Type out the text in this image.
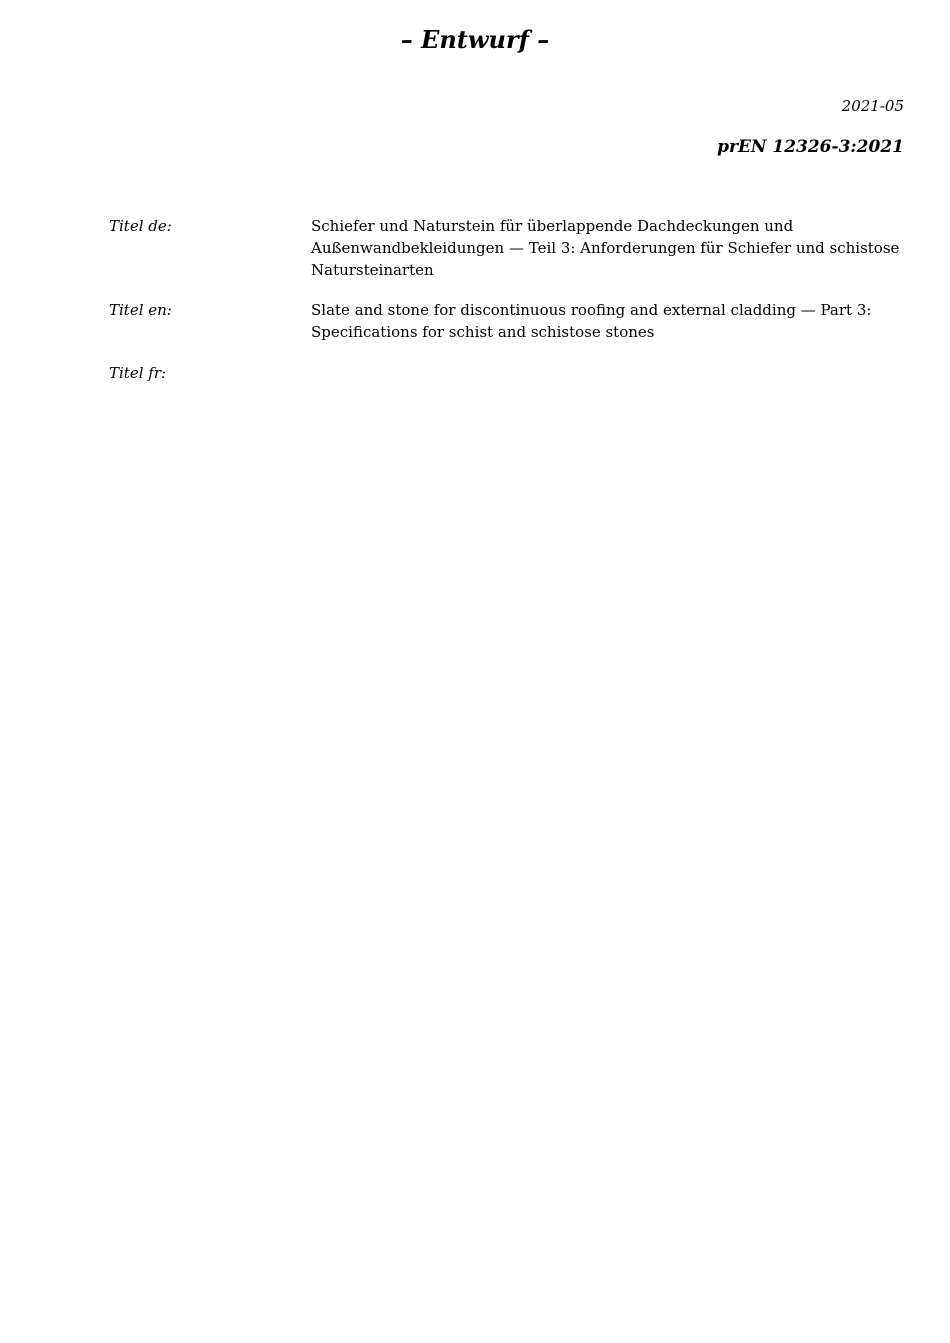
– Entwurf –
2021-05
prEN 12326-3:2021
Titel de:	Schiefer und Naturstein für überlappende Dachdeckungen und Außenwandbekleidungen — Teil 3: Anforderungen für Schiefer und schistose Natursteinarten
Titel en:	Slate and stone for discontinuous roofing and external cladding — Part 3: Specifications for schist and schistose stones
Titel fr:
